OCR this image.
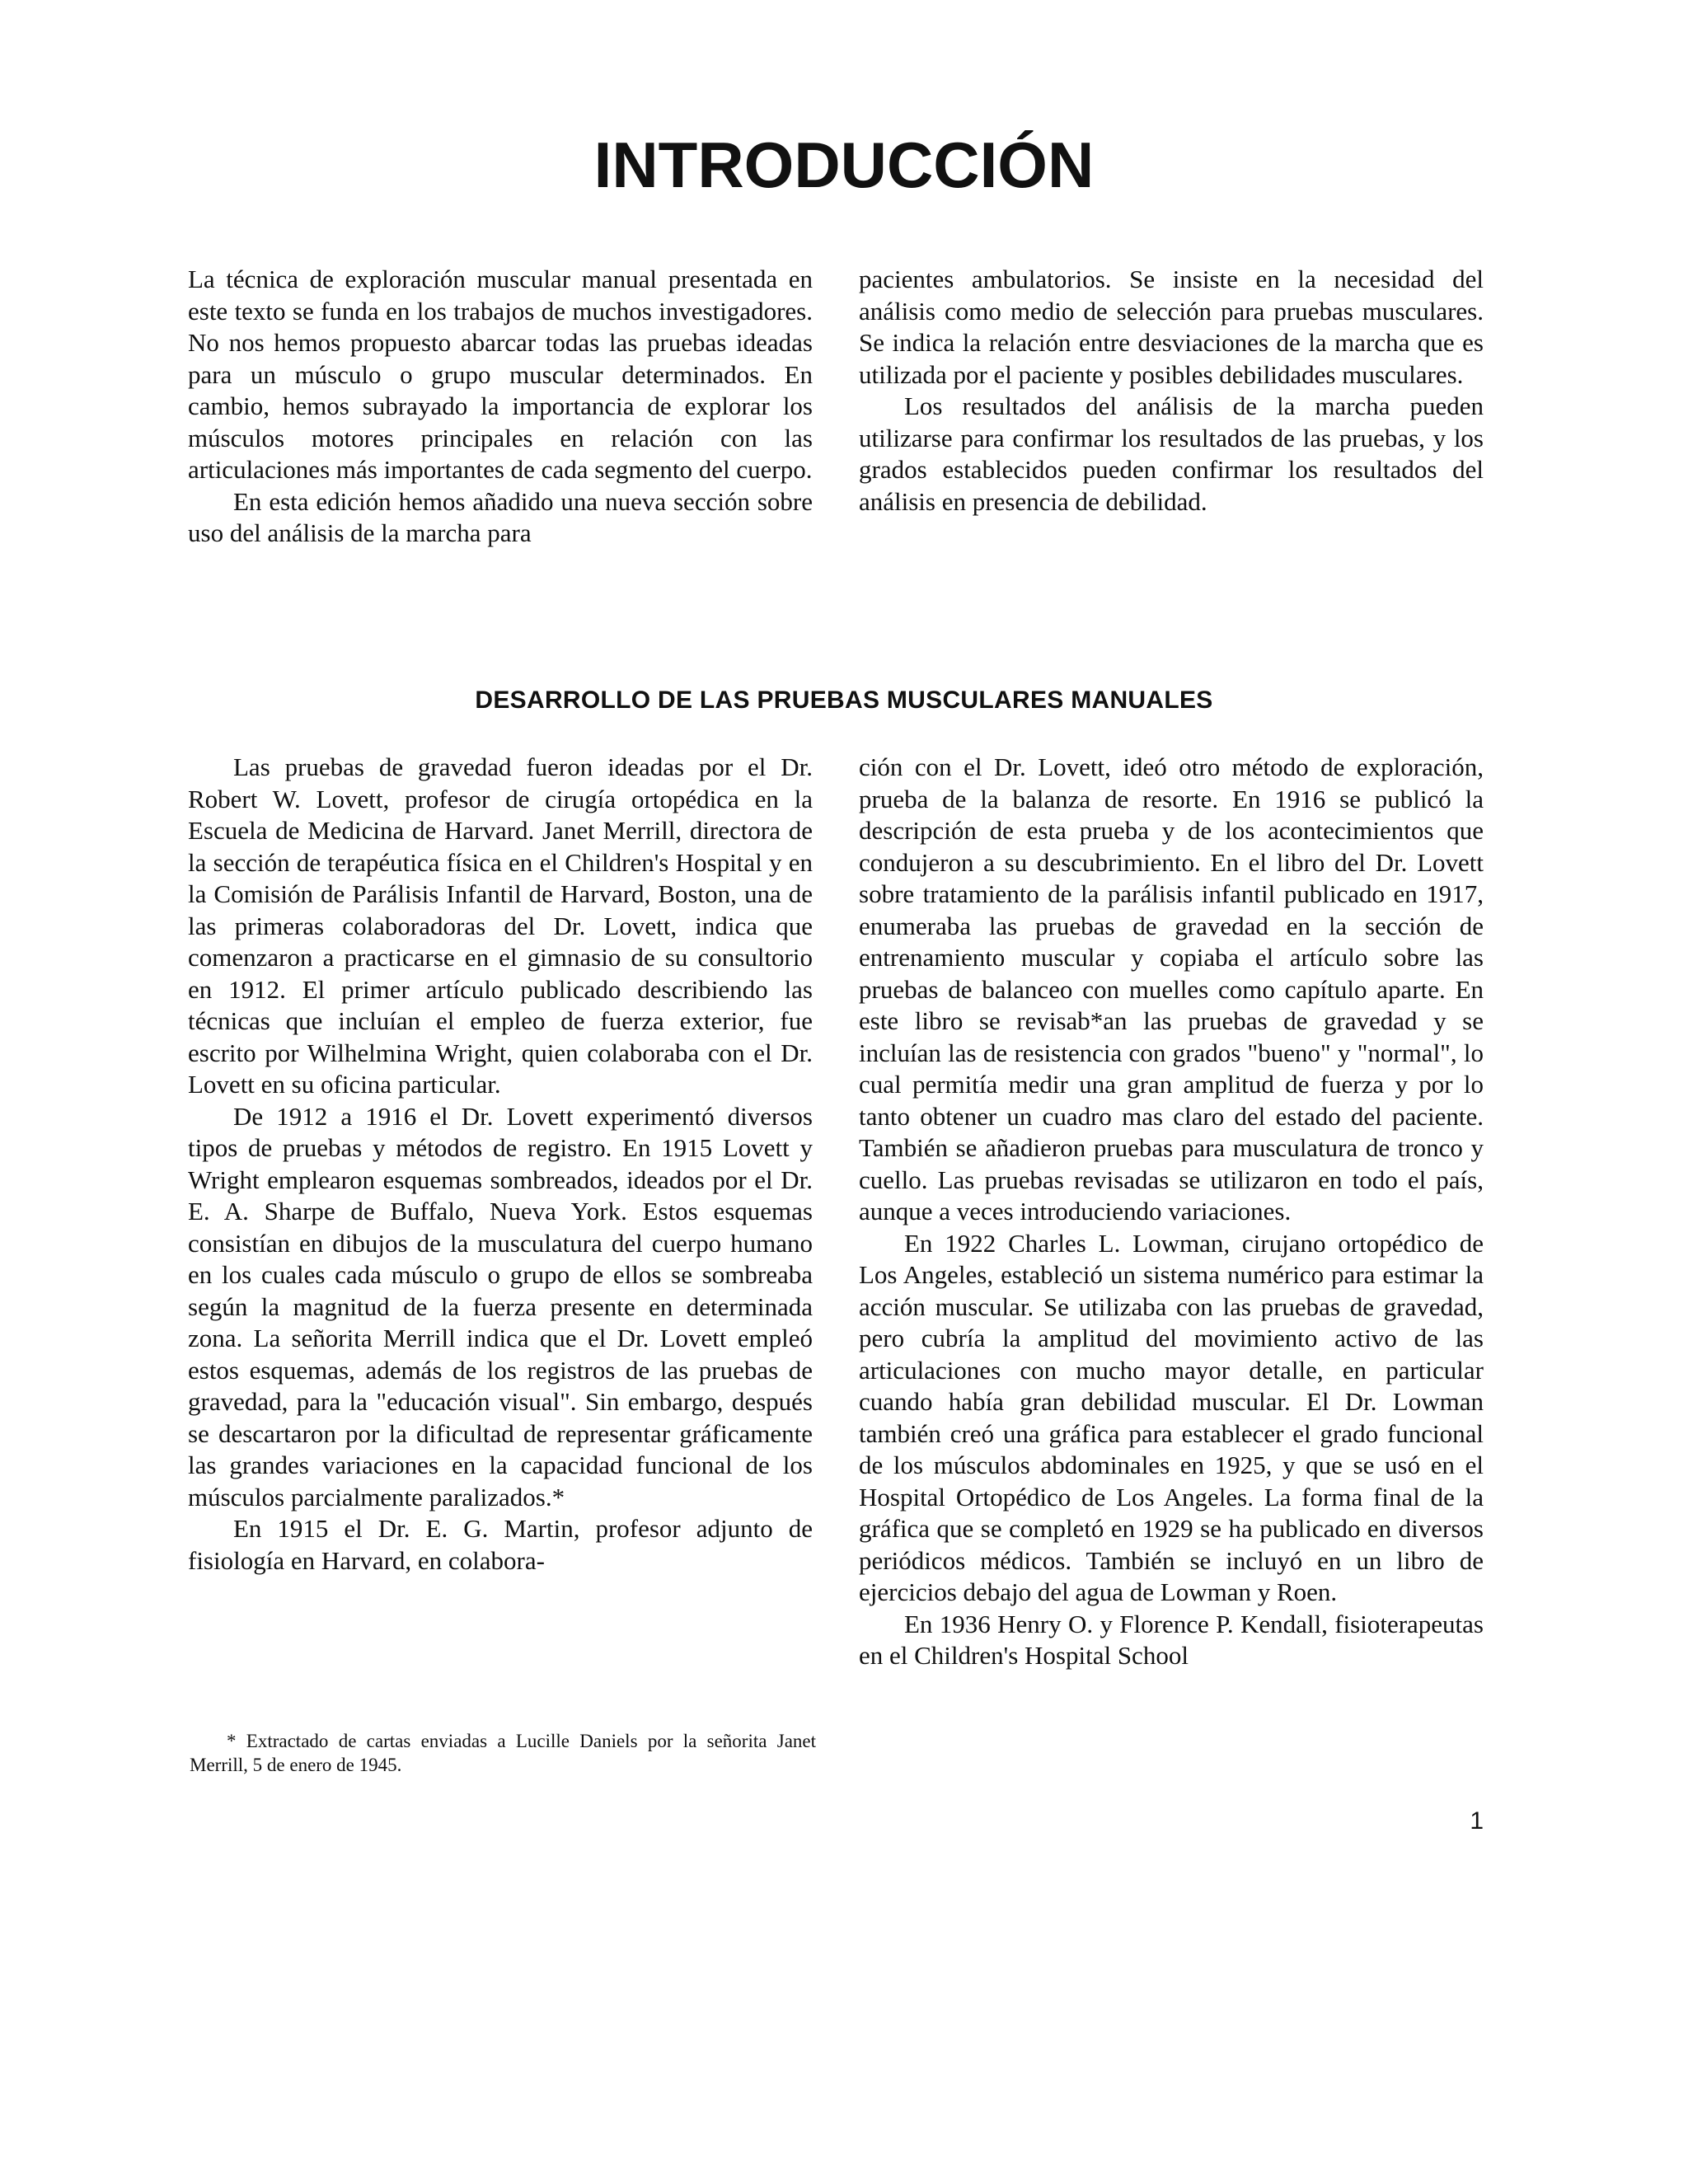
INTRODUCCIÓN

La técnica de exploración muscular manual presentada en este texto se funda en los trabajos de muchos investigadores. No nos hemos propuesto abarcar todas las pruebas ideadas para un músculo o grupo muscular determinados. En cambio, hemos subrayado la importancia de explorar los músculos motores principales en relación con las articulaciones más importantes de cada segmento del cuerpo.

En esta edición hemos añadido una nueva sección sobre uso del análisis de la marcha para

pacientes ambulatorios. Se insiste en la necesidad del análisis como medio de selección para pruebas musculares. Se indica la relación entre desviaciones de la marcha que es utilizada por el paciente y posibles debilidades musculares.

Los resultados del análisis de la marcha pueden utilizarse para confirmar los resultados de las pruebas, y los grados establecidos pueden confirmar los resultados del análisis en presencia de debilidad.

DESARROLLO DE LAS PRUEBAS MUSCULARES MANUALES

Las pruebas de gravedad fueron ideadas por el Dr. Robert W. Lovett, profesor de cirugía ortopédica en la Escuela de Medicina de Harvard. Janet Merrill, directora de la sección de terapéutica física en el Children's Hospital y en la Comisión de Parálisis Infantil de Harvard, Boston, una de las primeras colaboradoras del Dr. Lovett, indica que comenzaron a practicarse en el gimnasio de su consultorio en 1912. El primer artículo publicado describiendo las técnicas que incluían el empleo de fuerza exterior, fue escrito por Wilhelmina Wright, quien colaboraba con el Dr. Lovett en su oficina particular.

De 1912 a 1916 el Dr. Lovett experimentó diversos tipos de pruebas y métodos de registro. En 1915 Lovett y Wright emplearon esquemas sombreados, ideados por el Dr. E. A. Sharpe de Buffalo, Nueva York. Estos esquemas consistían en dibujos de la musculatura del cuerpo humano en los cuales cada músculo o grupo de ellos se sombreaba según la magnitud de la fuerza presente en determinada zona. La señorita Merrill indica que el Dr. Lovett empleó estos esquemas, además de los registros de las pruebas de gravedad, para la "educación visual". Sin embargo, después se descartaron por la dificultad de representar gráficamente las grandes variaciones en la capacidad funcional de los músculos parcialmente paralizados.*

En 1915 el Dr. E. G. Martin, profesor adjunto de fisiología en Harvard, en colabora-

ción con el Dr. Lovett, ideó otro método de exploración, prueba de la balanza de resorte. En 1916 se publicó la descripción de esta prueba y de los acontecimientos que condujeron a su descubrimiento. En el libro del Dr. Lovett sobre tratamiento de la parálisis infantil publicado en 1917, enumeraba las pruebas de gravedad en la sección de entrenamiento muscular y copiaba el artículo sobre las pruebas de balanceo con muelles como capítulo aparte. En este libro se revisab*an las pruebas de gravedad y se incluían las de resistencia con grados "bueno" y "normal", lo cual permitía medir una gran amplitud de fuerza y por lo tanto obtener un cuadro mas claro del estado del paciente. También se añadieron pruebas para musculatura de tronco y cuello. Las pruebas revisadas se utilizaron en todo el país, aunque a veces introduciendo variaciones.

En 1922 Charles L. Lowman, cirujano ortopédico de Los Angeles, estableció un sistema numérico para estimar la acción muscular. Se utilizaba con las pruebas de gravedad, pero cubría la amplitud del movimiento activo de las articulaciones con mucho mayor detalle, en particular cuando había gran debilidad muscular. El Dr. Lowman también creó una gráfica para establecer el grado funcional de los músculos abdominales en 1925, y que se usó en el Hospital Ortopédico de Los Angeles. La forma final de la gráfica que se completó en 1929 se ha publicado en diversos periódicos médicos. También se incluyó en un libro de ejercicios debajo del agua de Lowman y Roen.

En 1936 Henry O. y Florence P. Kendall, fisioterapeutas en el Children's Hospital School

* Extractado de cartas enviadas a Lucille Daniels por la señorita Janet Merrill, 5 de enero de 1945.

1
